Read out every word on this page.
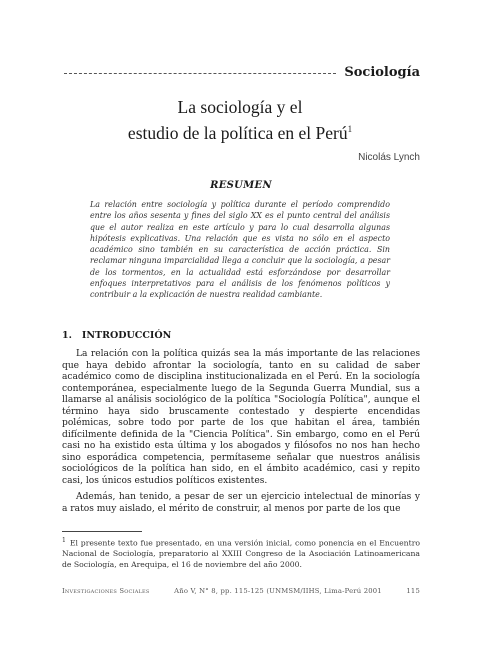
Sociología
La sociología y el
estudio de la política en el Perú$^1$
Nicolás Lynch
RESUMEN
La relación entre sociología y política durante el período comprendido entre los años sesenta y fines del siglo XX es el punto central del análisis que el autor realiza en este artículo y para lo cual desarrolla algunas hipótesis explicativas. Una relación que es vista no sólo en el aspecto académico sino también en su característica de acción práctica. Sin reclamar ninguna imparcialidad llega a concluir que la sociología, a pesar de los tormentos, en la actualidad está esforzándose por desarrollar enfoques interpretativos para el análisis de los fenómenos políticos y contribuir a la explicación de nuestra realidad cambiante.
1. INTRODUCCIÓN

La relación con la política quizás sea la más importante de las relaciones que haya debido afrontar la sociología, tanto en su calidad de saber académico como de disciplina institucionalizada en el Perú. En la sociología contemporánea, especialmente luego de la Segunda Guerra Mundial, sus a llamarse al análisis sociológico de la política "Sociología Política", aunque el término haya sido bruscamente contestado y despierte encendidas polémicas, sobre todo por parte de los que habitan el área, también difícilmente definida de la "Ciencia Política". Sin embargo, como en el Perú casi no ha existido esta última y los abogados y filósofos no nos han hecho sino esporádica competencia, permítaseme señalar que nuestros análisis sociológicos de la política han sido, en el ámbito académico, casi y repito casi, los únicos estudios políticos existentes.

Además, han tenido, a pesar de ser un ejercicio intelectual de minorías y a ratos muy aislado, el mérito de construir, al menos por parte de los que

$^1$ El presente texto fue presentado, en una versión inicial, como ponencia en el Encuentro Nacional de Sociología, preparatorio al XXIII Congreso de la Asociación Latinoamericana de Sociología, en Arequipa, el 16 de noviembre del año 2000.
Investigaciones Sociales	Año V, N° 8, pp. 115-125 (UNMSM/IIHS, Lima-Perú 2001	115
